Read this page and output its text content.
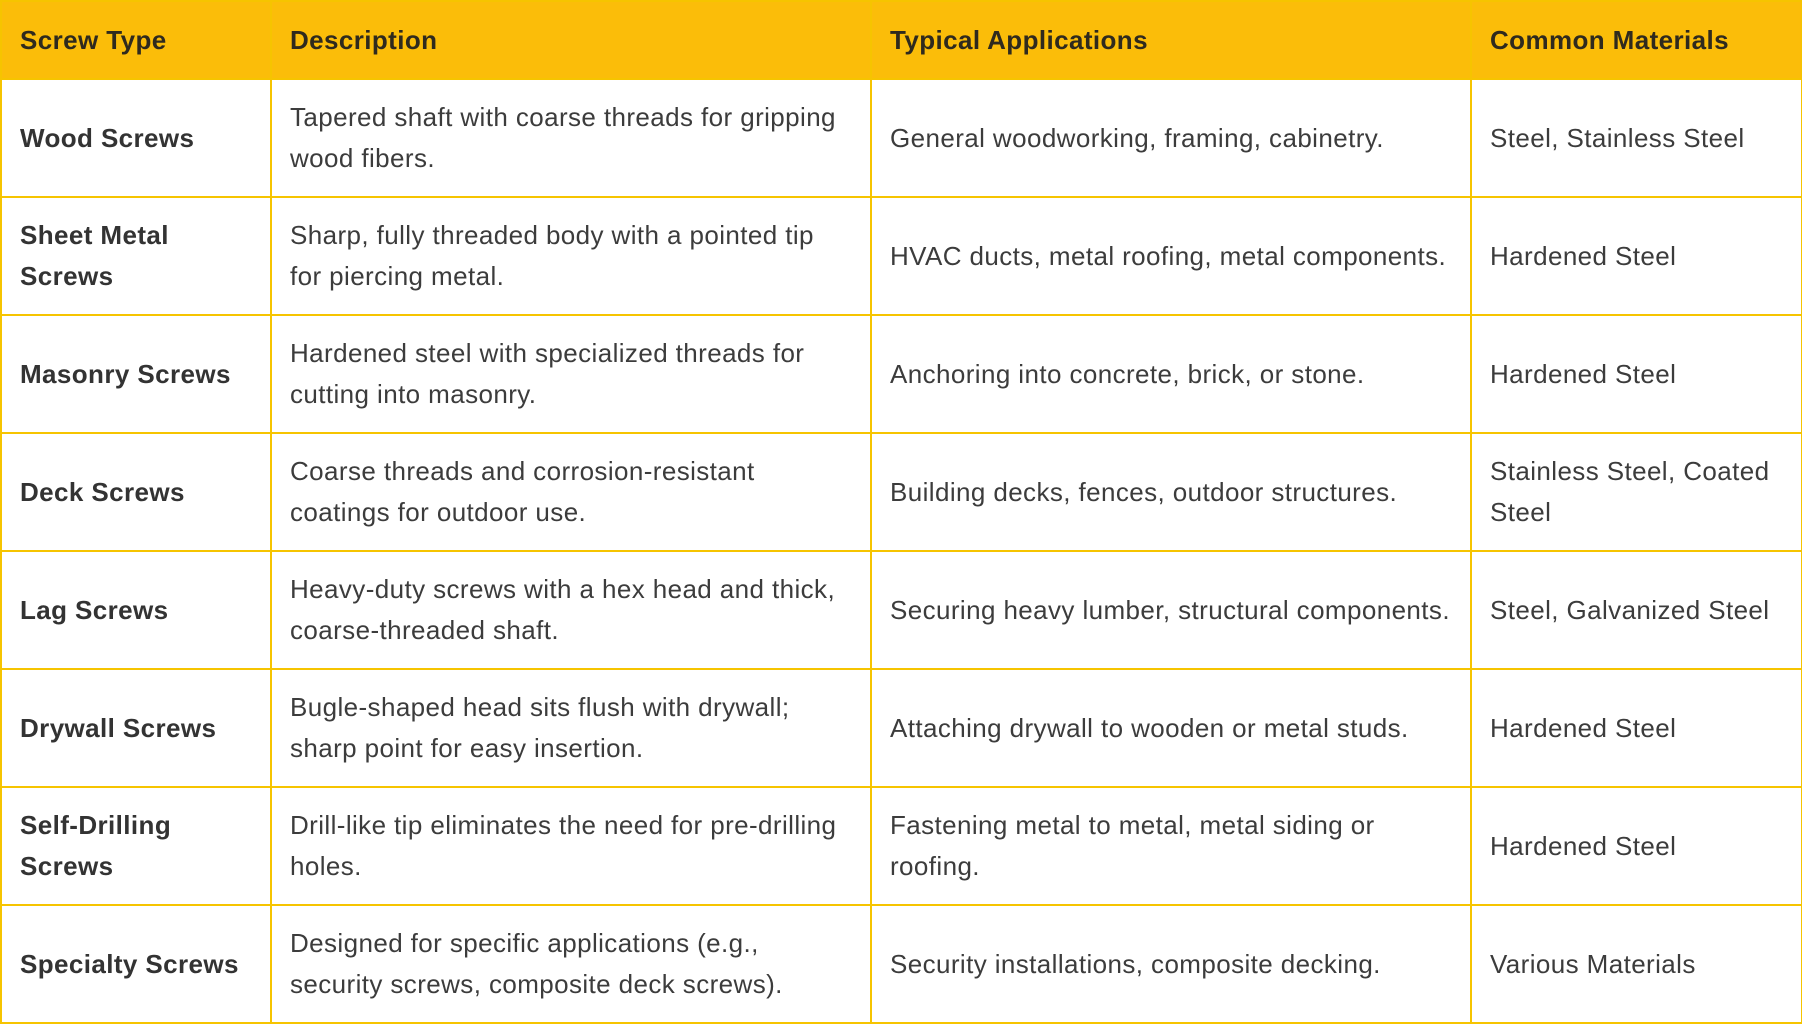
Screw Type	Description	Typical Applications	Common Materials
Wood Screws	Tapered shaft with coarse threads for gripping wood fibers.	General woodworking, framing, cabinetry.	Steel, Stainless Steel
Sheet Metal Screws	Sharp, fully threaded body with a pointed tip for piercing metal.	HVAC ducts, metal roofing, metal components.	Hardened Steel
Masonry Screws	Hardened steel with specialized threads for cutting into masonry.	Anchoring into concrete, brick, or stone.	Hardened Steel
Deck Screws	Coarse threads and corrosion-resistant coatings for outdoor use.	Building decks, fences, outdoor structures.	Stainless Steel, Coated Steel
Lag Screws	Heavy-duty screws with a hex head and thick, coarse-threaded shaft.	Securing heavy lumber, structural components.	Steel, Galvanized Steel
Drywall Screws	Bugle-shaped head sits flush with drywall; sharp point for easy insertion.	Attaching drywall to wooden or metal studs.	Hardened Steel
Self-Drilling Screws	Drill-like tip eliminates the need for pre-drilling holes.	Fastening metal to metal, metal siding or roofing.	Hardened Steel
Specialty Screws	Designed for specific applications (e.g., security screws, composite deck screws).	Security installations, composite decking.	Various Materials
